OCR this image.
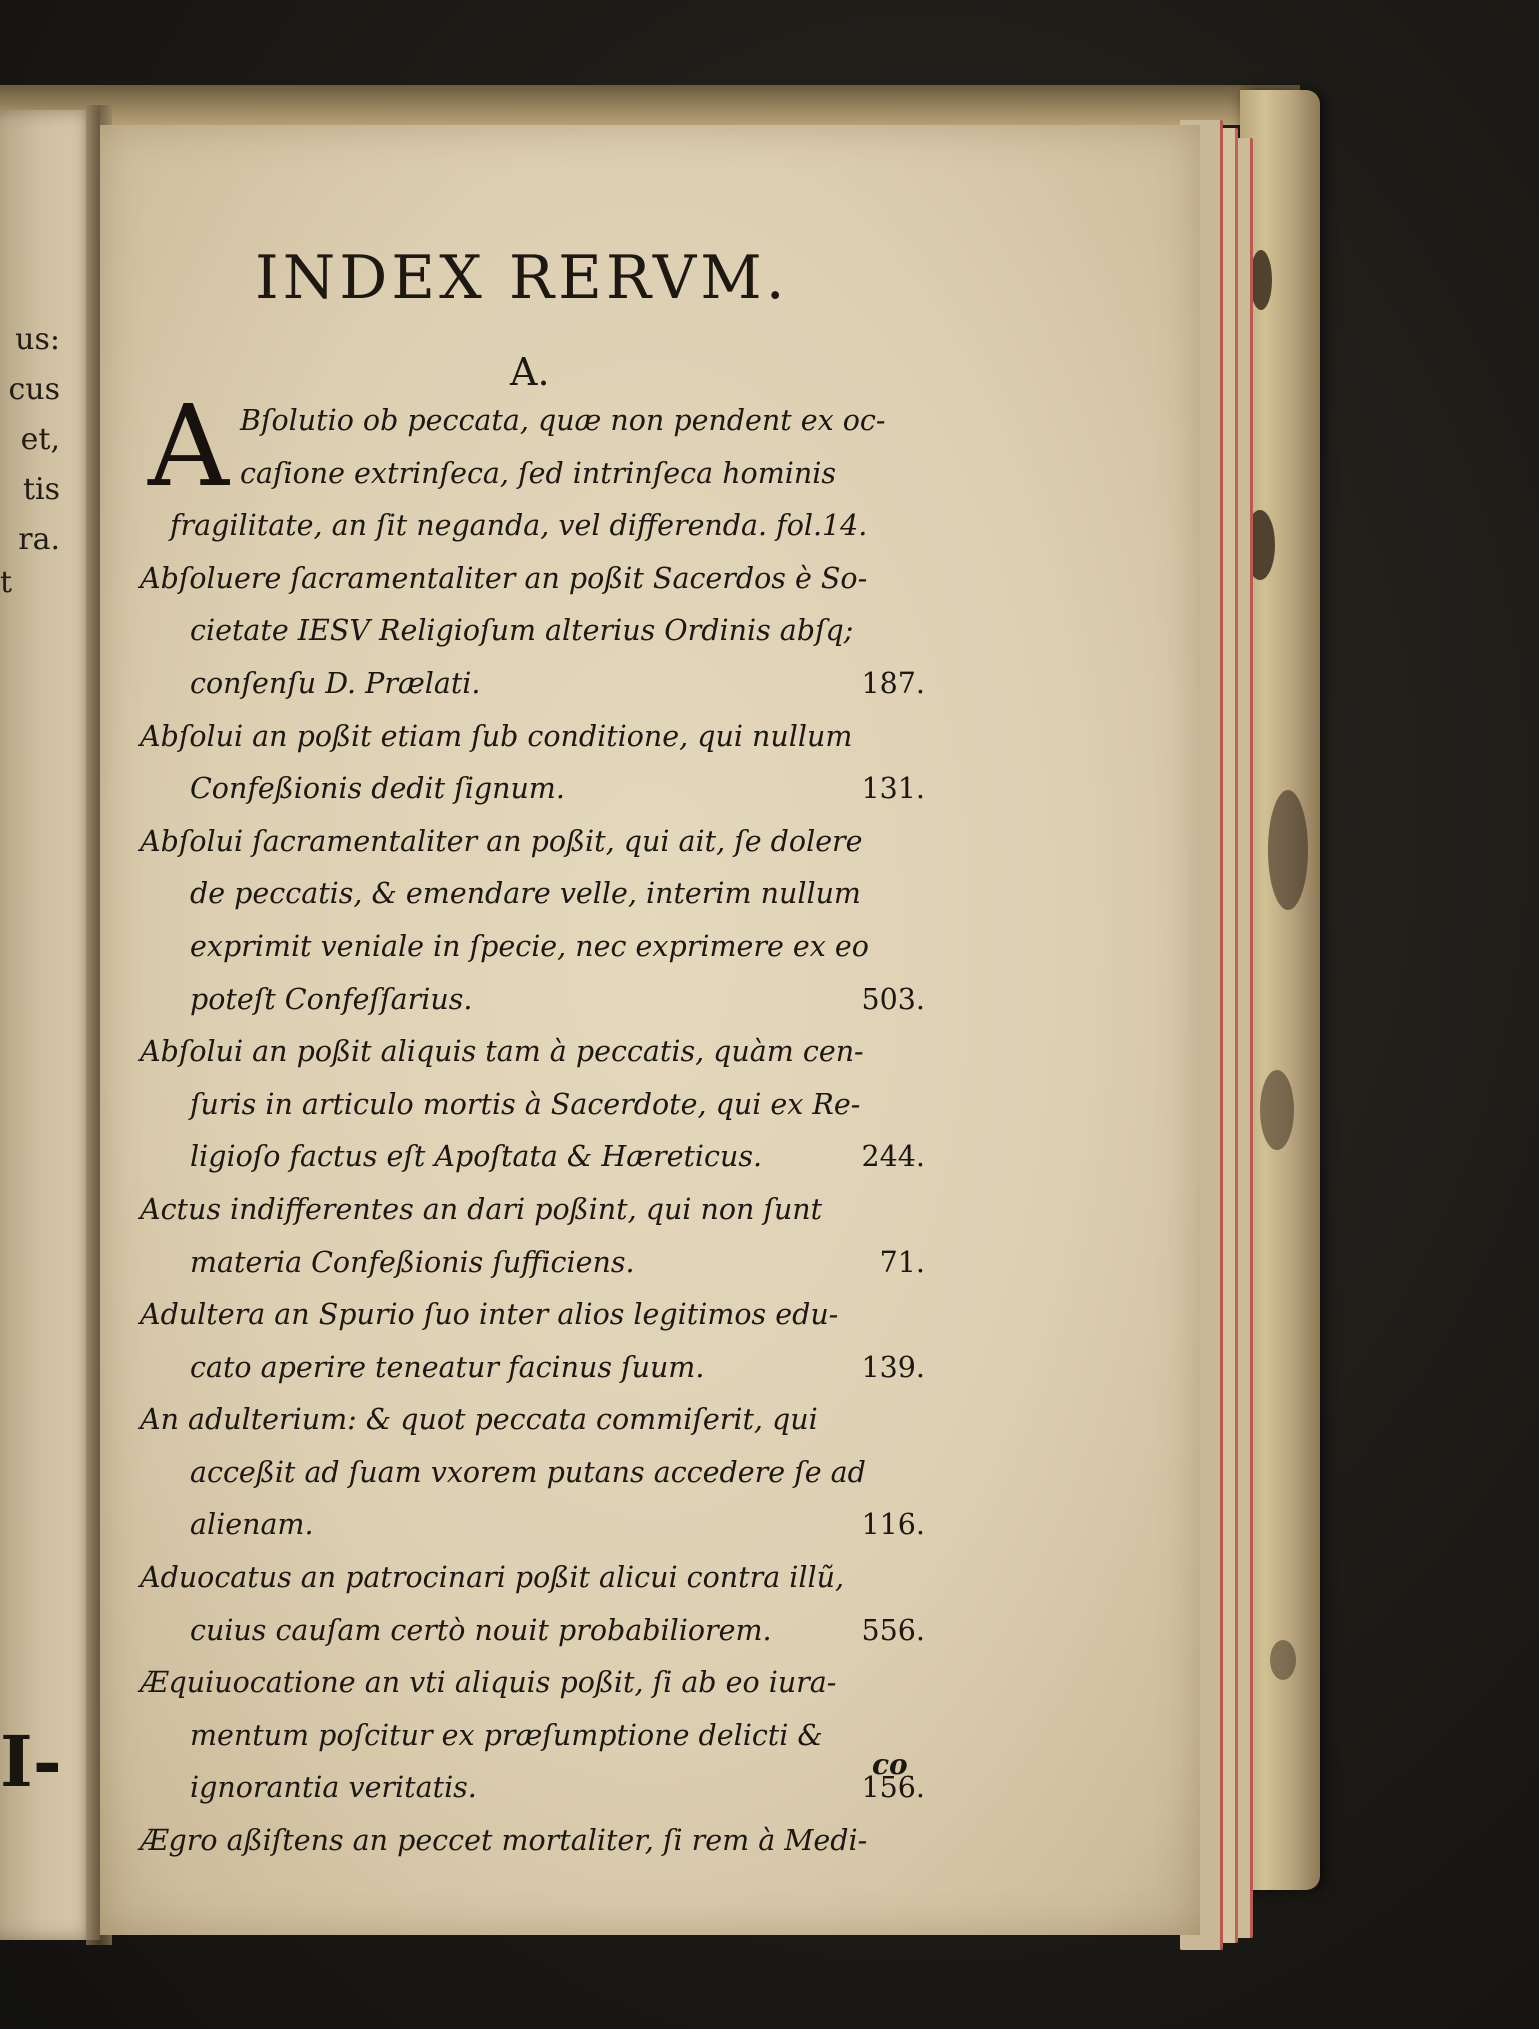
us:
cus
et,
tis
ra.
t
I-
INDEX RERVM.
A.
A Bſolutio ob peccata, quæ non pendent ex oc-
caſione extrinſeca, ſed intrinſeca hominis
fragilitate, an ſit neganda, vel differenda. fol.14.
Abſoluere ſacramentaliter an poßit Sacerdos è So-
cietate IESV Religioſum alterius Ordinis abſq;
conſenſu D. Prælati.	187.
Abſolui an poßit etiam ſub conditione, qui nullum
Confeßionis dedit ſignum.	131.
Abſolui ſacramentaliter an poßit, qui ait, ſe dolere
de peccatis, & emendare velle, interim nullum
exprimit veniale in ſpecie, nec exprimere ex eo
poteſt Confeſſarius.	503.
Abſolui an poßit aliquis tam à peccatis, quàm cen-
ſuris in articulo mortis à Sacerdote, qui ex Re-
ligioſo factus eſt Apoſtata & Hæreticus.	244.
Actus indifferentes an dari poßint, qui non ſunt
materia Confeßionis ſufficiens.	71.
Adultera an Spurio ſuo inter alios legitimos edu-
cato aperire teneatur facinus ſuum.	139.
An adulterium: & quot peccata commiſerit, qui
acceßit ad ſuam vxorem putans accedere ſe ad
alienam.	116.
Aduocatus an patrocinari poßit alicui contra illũ,
cuius cauſam certò nouit probabiliorem.	556.
Æquiuocatione an vti aliquis poßit, ſi ab eo iura-
mentum poſcitur ex præſumptione delicti &
ignorantia veritatis.	156.
Ægro aßiſtens an peccet mortaliter, ſi rem à Medi-
co
